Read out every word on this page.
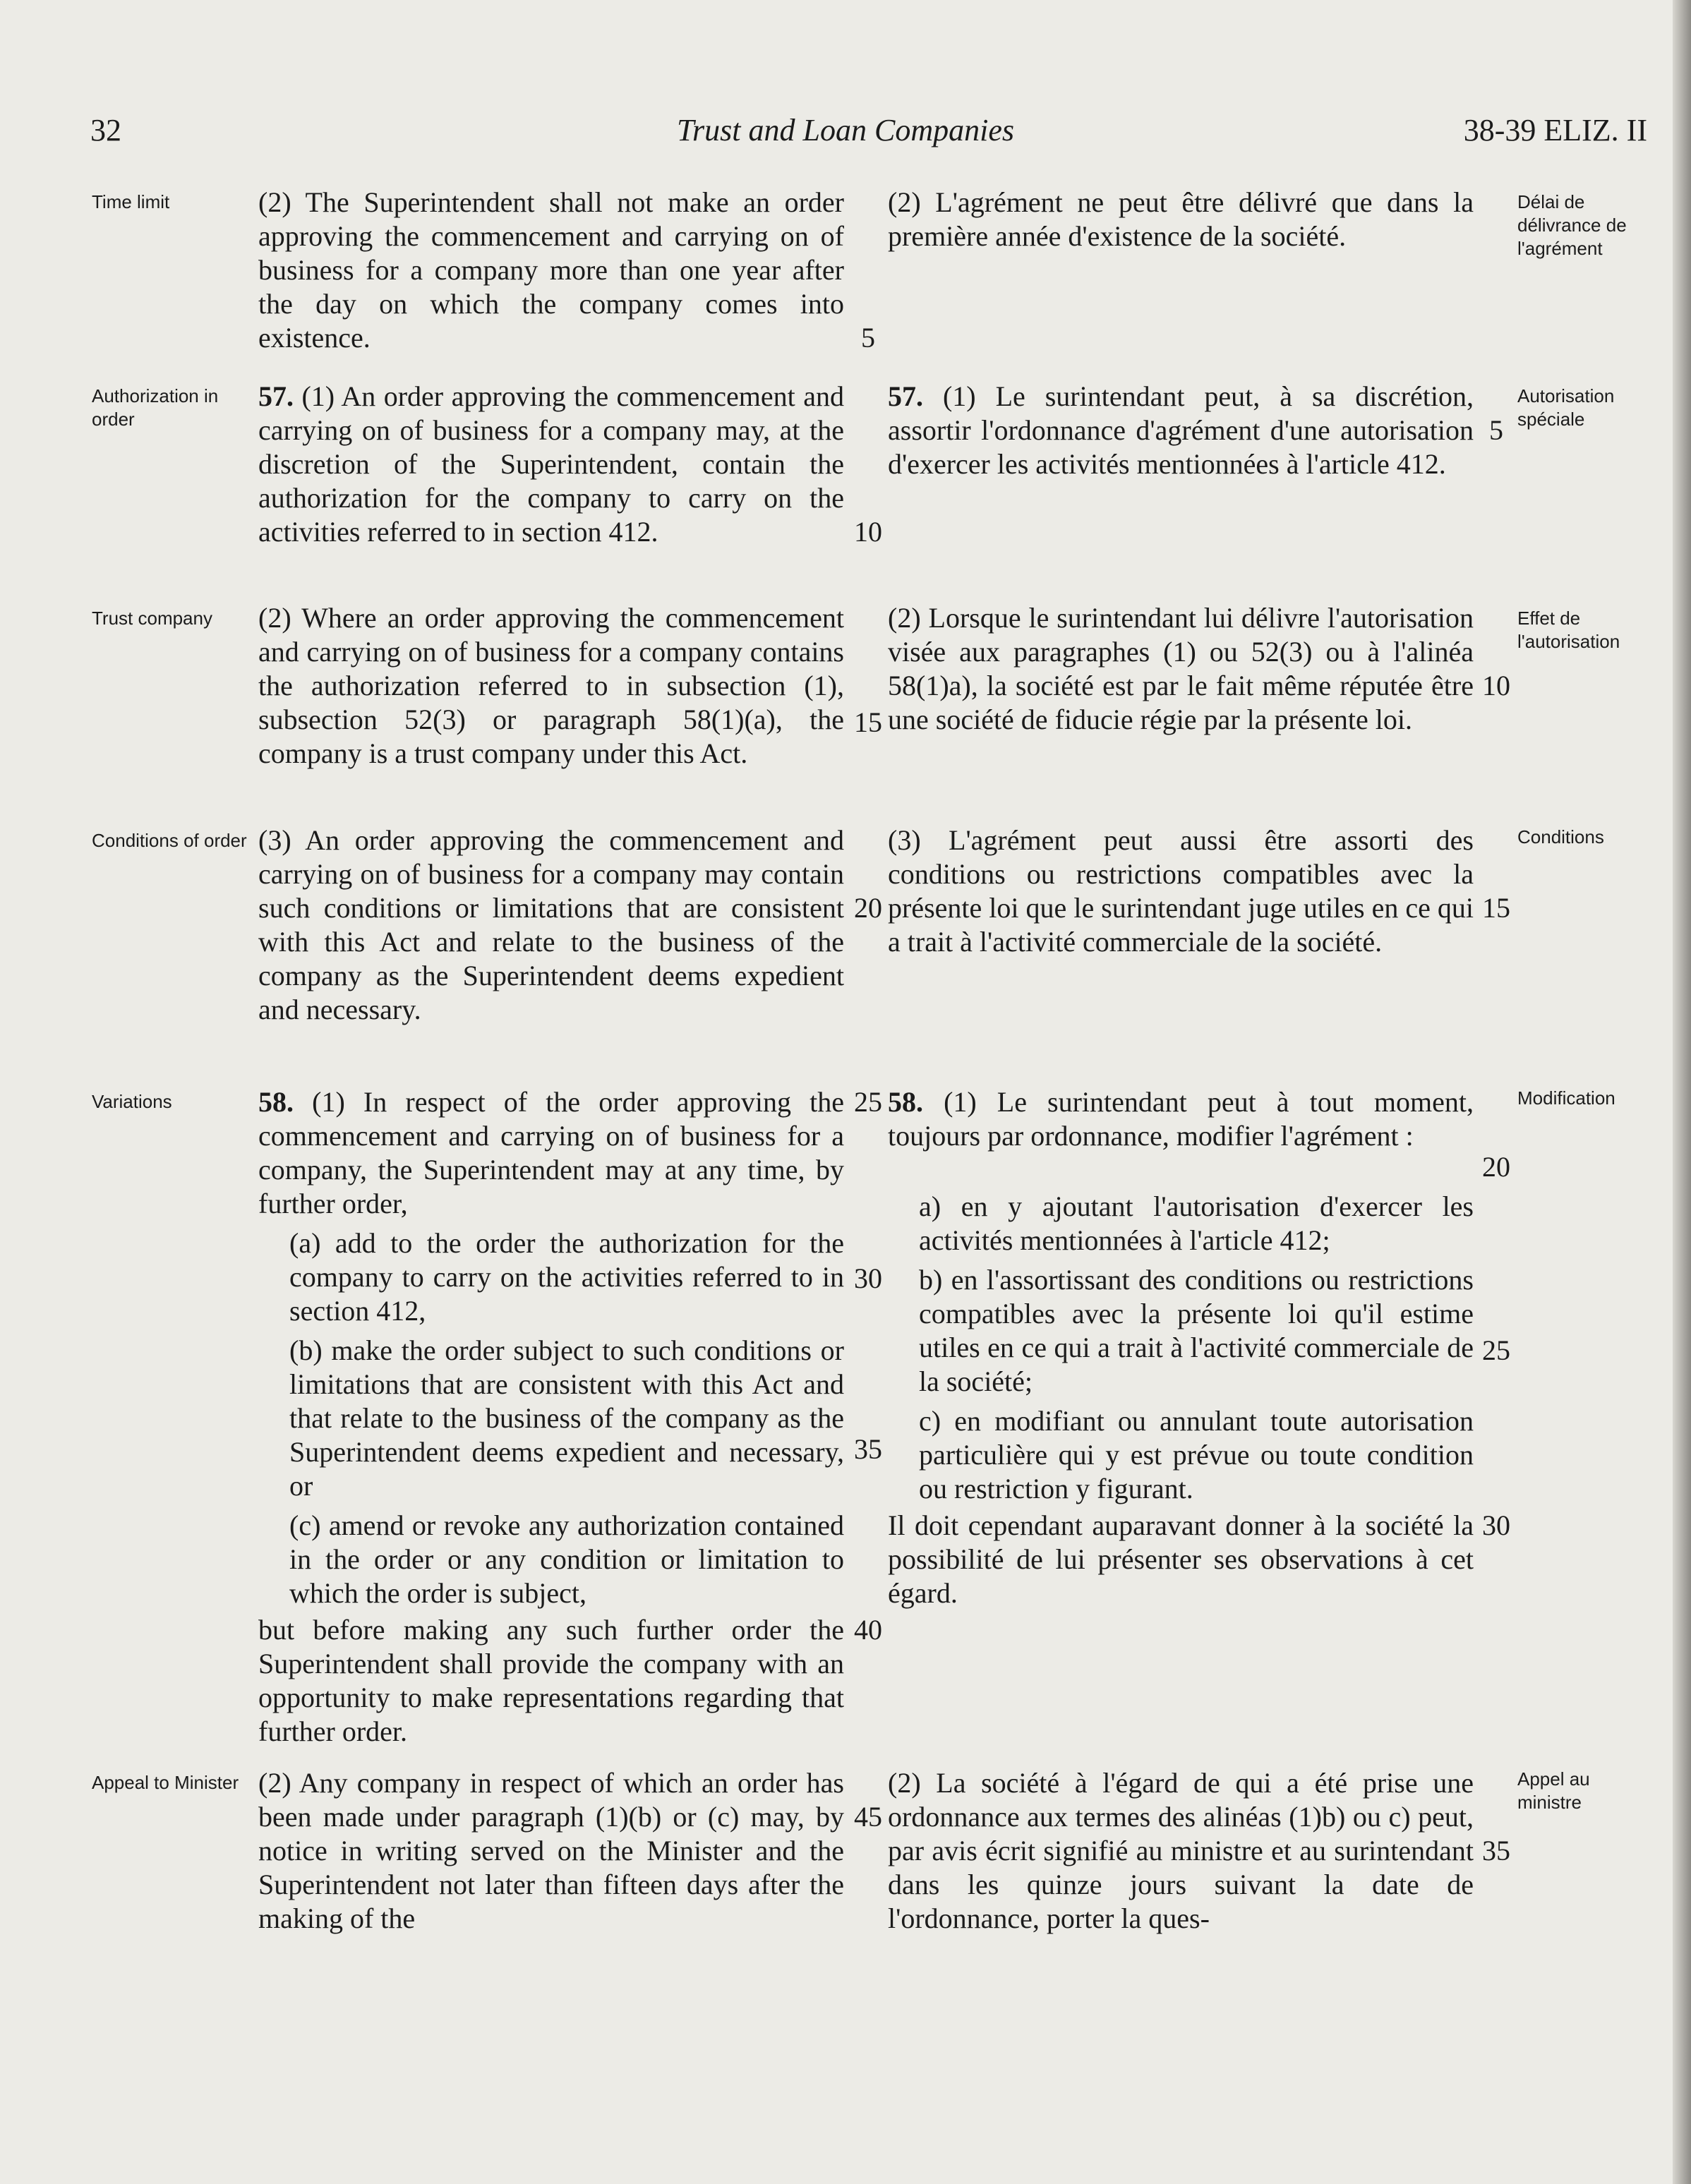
32	Trust and Loan Companies	38-39 ELIZ. II
Time limit
Authorization in order
Trust company
Conditions of order
Variations
Appeal to Minister
Délai de délivrance de l'agrément
Autorisation spéciale
Effet de l'autorisation
Conditions
Modification
Appel au ministre

(2) The Superintendent shall not make an order approving the commencement and carrying on of business for a company more than one year after the day on which the company comes into existence.

57. (1) An order approving the commencement and carrying on of business for a company may, at the discretion of the Superintendent, contain the authorization for the company to carry on the activities referred to in section 412.

(2) Where an order approving the commencement and carrying on of business for a company contains the authorization referred to in subsection (1), subsection 52(3) or paragraph 58(1)(a), the company is a trust company under this Act.

(3) An order approving the commencement and carrying on of business for a company may contain such conditions or limitations that are consistent with this Act and relate to the business of the company as the Superintendent deems expedient and necessary.

58. (1) In respect of the order approving the commencement and carrying on of business for a company, the Superintendent may at any time, by further order,

(a) add to the order the authorization for the company to carry on the activities referred to in section 412,

(b) make the order subject to such conditions or limitations that are consistent with this Act and that relate to the business of the company as the Superintendent deems expedient and necessary, or

(c) amend or revoke any authorization contained in the order or any condition or limitation to which the order is subject,

but before making any such further order the Superintendent shall provide the company with an opportunity to make representations regarding that further order.

(2) Any company in respect of which an order has been made under paragraph (1)(b) or (c) may, by notice in writing served on the Minister and the Superintendent not later than fifteen days after the making of the

(2) L'agrément ne peut être délivré que dans la première année d'existence de la société.

57. (1) Le surintendant peut, à sa discrétion, assortir l'ordonnance d'agrément d'une autorisation d'exercer les activités mentionnées à l'article 412.

(2) Lorsque le surintendant lui délivre l'autorisation visée aux paragraphes (1) ou 52(3) ou à l'alinéa 58(1)a), la société est par le fait même réputée être une société de fiducie régie par la présente loi.

(3) L'agrément peut aussi être assorti des conditions ou restrictions compatibles avec la présente loi que le surintendant juge utiles en ce qui a trait à l'activité commerciale de la société.

58. (1) Le surintendant peut à tout moment, toujours par ordonnance, modifier l'agrément :

a) en y ajoutant l'autorisation d'exercer les activités mentionnées à l'article 412;

b) en l'assortissant des conditions ou restrictions compatibles avec la présente loi qu'il estime utiles en ce qui a trait à l'activité commerciale de la société;

c) en modifiant ou annulant toute autorisation particulière qui y est prévue ou toute condition ou restriction y figurant.

Il doit cependant auparavant donner à la société la possibilité de lui présenter ses observations à cet égard.

(2) La société à l'égard de qui a été prise une ordonnance aux termes des alinéas (1)b) ou c) peut, par avis écrit signifié au ministre et au surintendant dans les quinze jours suivant la date de l'ordonnance, porter la ques-

5
10
15
20
25
30
35
40
45
5
10
15
20
25
30
35
